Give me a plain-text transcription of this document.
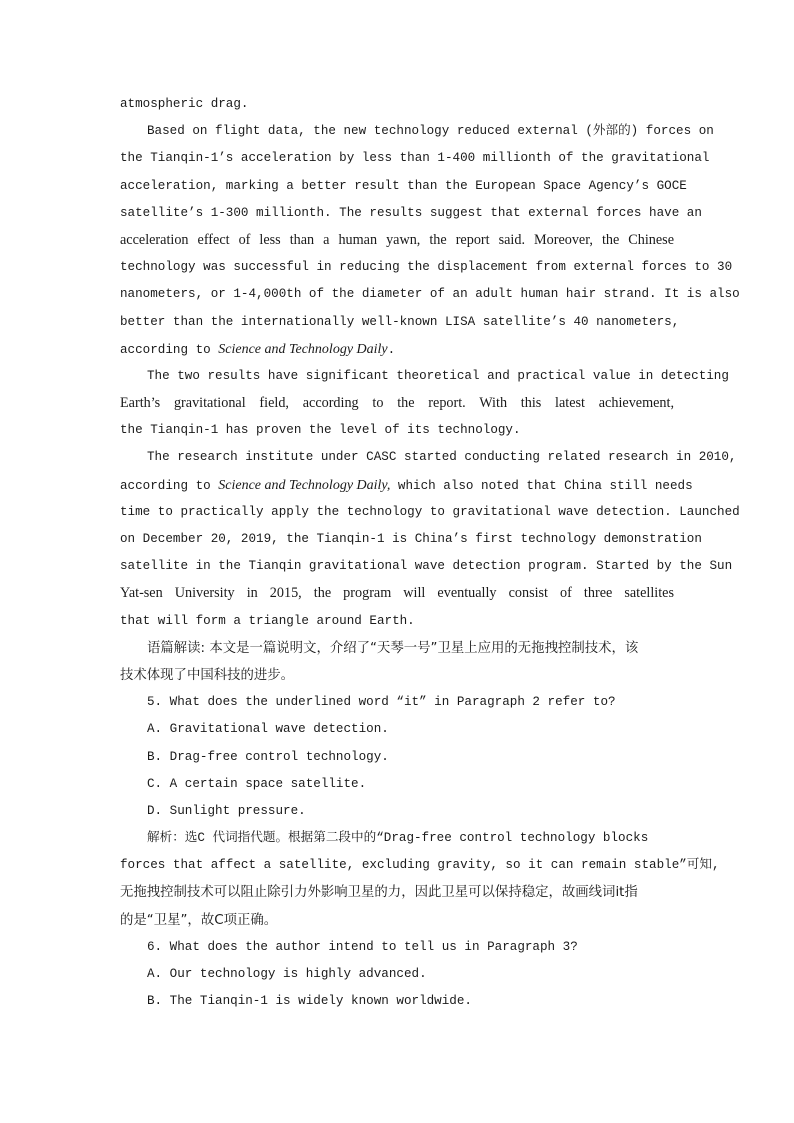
atmospheric drag.
Based on flight data, the new technology reduced external (外部的) forces on
the Tianqin-1’s acceleration by less than 1-400 millionth of the gravitational
acceleration, marking a better result than the European Space Agency’s GOCE
satellite’s 1-300 millionth. The results suggest that external forces have an
acceleration effect of less than a human yawn, the report said. Moreover, the Chinese
technology was successful in reducing the displacement from external forces to 30
nanometers, or 1-4,000th of the diameter of an adult human hair strand. It is also
better than the internationally well-known LISA satellite’s 40 nanometers,
according to Science and Technology Daily.
The two results have significant theoretical and practical value in detecting
Earth’s gravitational field, according to the report. With this latest achievement,
the Tianqin-1 has proven the level of its technology.
The research institute under CASC started conducting related research in 2010,
according to Science and Technology Daily, which also noted that China still needs
time to practically apply the technology to gravitational wave detection. Launched
on December 20, 2019, the Tianqin-1 is China’s first technology demonstration
satellite in the Tianqin gravitational wave detection program. Started by the Sun
Yat-sen University in 2015, the program will eventually consist of three satellites
that will form a triangle around Earth.
语篇解读: 本文是一篇说明文，介绍了“天琴一号”卫星上应用的无拖拽控制技术，该
技术体现了中国科技的进步。
5. What does the underlined word “it” in Paragraph 2 refer to?
A. Gravitational wave detection.
B. Drag-free control technology.
C. A certain space satellite.
D. Sunlight pressure.
解析：选C 代词指代题。根据第二段中的“Drag-free control technology blocks
forces that affect a satellite, excluding gravity, so it can remain stable”可知,
无拖拽控制技术可以阻止除引力外影响卫星的力，因此卫星可以保持稳定，故画线词it指
的是“卫星”，故C项正确。
6. What does the author intend to tell us in Paragraph 3?
A. Our technology is highly advanced.
B. The Tianqin-1 is widely known worldwide.
